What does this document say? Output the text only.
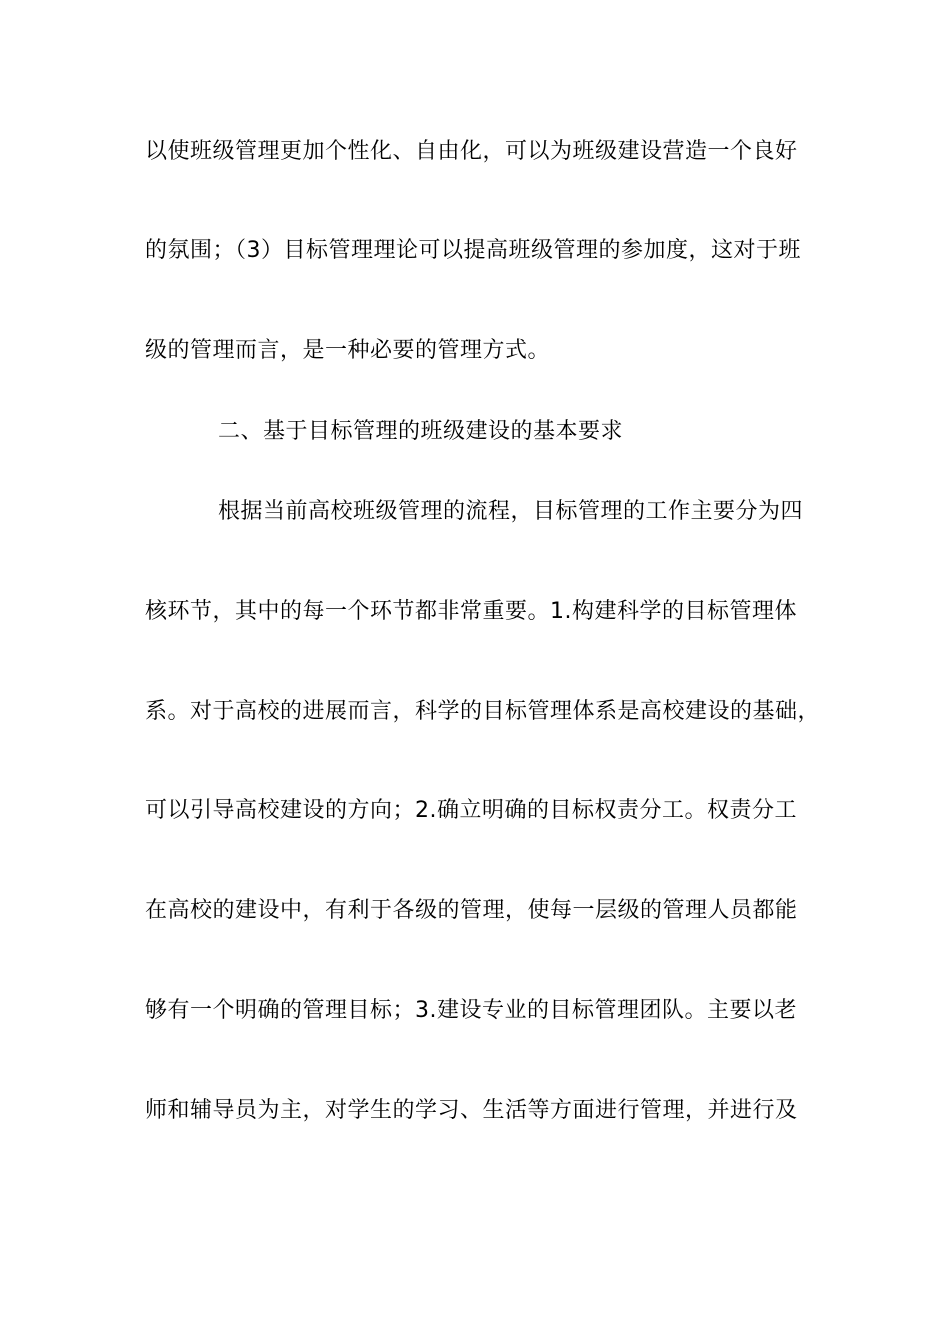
以使班级管理更加个性化、自由化，可以为班级建设营造一个良好

的氛围；（3）目标管理理论可以提高班级管理的参加度，这对于班

级的管理而言，是一种必要的管理方式。

二、基于目标管理的班级建设的基本要求

根据当前高校班级管理的流程，目标管理的工作主要分为四

核环节，其中的每一个环节都非常重要。1.构建科学的目标管理体

系。对于高校的进展而言，科学的目标管理体系是高校建设的基础，

可以引导高校建设的方向；2.确立明确的目标权责分工。权责分工

在高校的建设中，有利于各级的管理，使每一层级的管理人员都能

够有一个明确的管理目标；3.建设专业的目标管理团队。主要以老

师和辅导员为主，对学生的学习、生活等方面进行管理，并进行及
